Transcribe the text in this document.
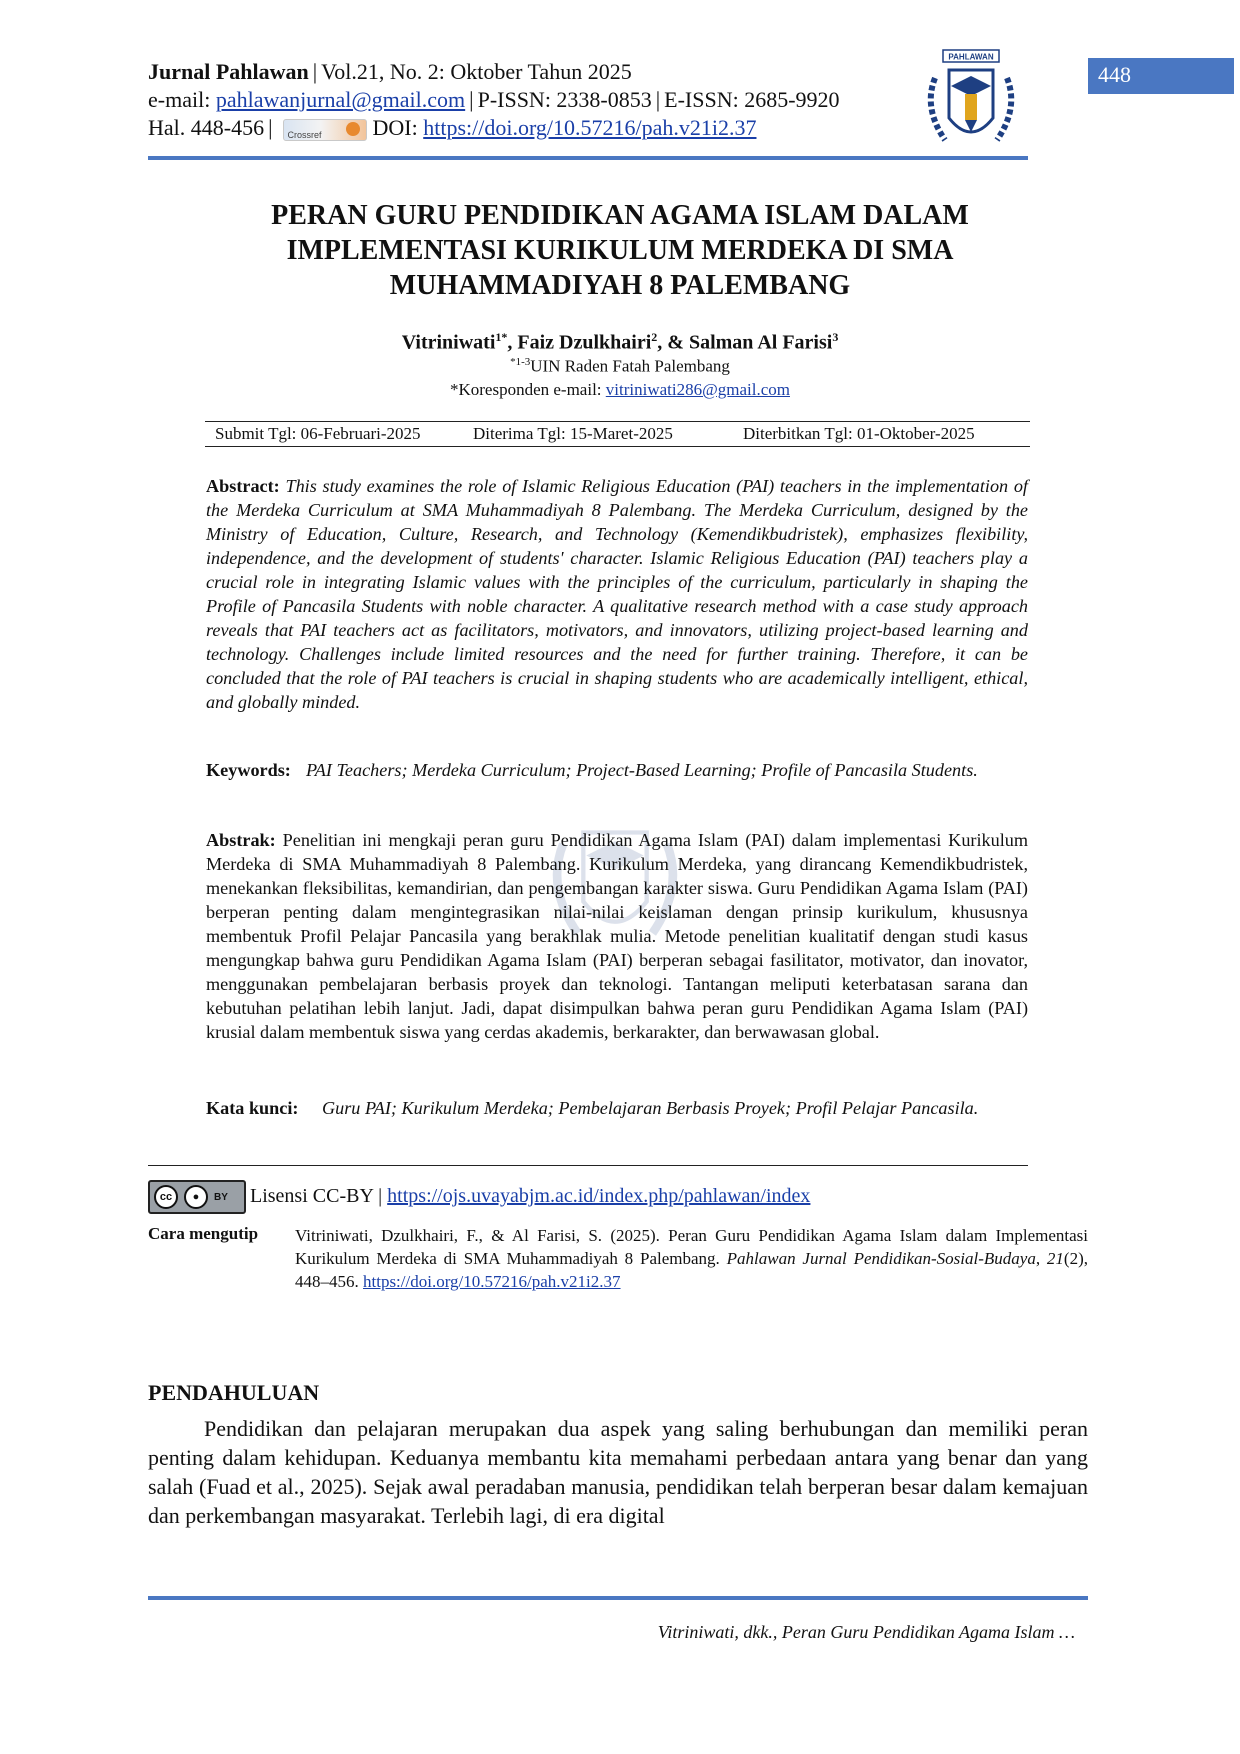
Jurnal Pahlawan | Vol.21, No. 2: Oktober Tahun 2025
e-mail: pahlawanjurnal@gmail.com | P-ISSN: 2338-0853 | E-ISSN: 2685-9920
Hal. 448-456 | Crossref DOI: https://doi.org/10.57216/pah.v21i2.37
PAHLAWAN
448
PERAN GURU PENDIDIKAN AGAMA ISLAM DALAM IMPLEMENTASI KURIKULUM MERDEKA DI SMA MUHAMMADIYAH 8 PALEMBANG
Vitriniwati$^{1*}$, Faiz Dzulkhairi$^2$, & Salman Al Farisi$^3$
$^{*1-3}$UIN Raden Fatah Palembang
*Koresponden e-mail: vitriniwati286@gmail.com
Submit Tgl: 06-Februari-2025	Diterima Tgl: 15-Maret-2025	Diterbitkan Tgl: 01-Oktober-2025
Abstract: This study examines the role of Islamic Religious Education (PAI) teachers in the implementation of the Merdeka Curriculum at SMA Muhammadiyah 8 Palembang. The Merdeka Curriculum, designed by the Ministry of Education, Culture, Research, and Technology (Kemendikbudristek), emphasizes flexibility, independence, and the development of students' character. Islamic Religious Education (PAI) teachers play a crucial role in integrating Islamic values with the principles of the curriculum, particularly in shaping the Profile of Pancasila Students with noble character. A qualitative research method with a case study approach reveals that PAI teachers act as facilitators, motivators, and innovators, utilizing project-based learning and technology. Challenges include limited resources and the need for further training. Therefore, it can be concluded that the role of PAI teachers is crucial in shaping students who are academically intelligent, ethical, and globally minded.
Keywords: PAI Teachers; Merdeka Curriculum; Project-Based Learning; Profile of Pancasila Students.
Abstrak: Penelitian ini mengkaji peran guru Pendidikan Agama Islam (PAI) dalam implementasi Kurikulum Merdeka di SMA Muhammadiyah 8 Palembang. Kurikulum Merdeka, yang dirancang Kemendikbudristek, menekankan fleksibilitas, kemandirian, dan pengembangan karakter siswa. Guru Pendidikan Agama Islam (PAI) berperan penting dalam mengintegrasikan nilai-nilai keislaman dengan prinsip kurikulum, khususnya membentuk Profil Pelajar Pancasila yang berakhlak mulia. Metode penelitian kualitatif dengan studi kasus mengungkap bahwa guru Pendidikan Agama Islam (PAI) berperan sebagai fasilitator, motivator, dan inovator, menggunakan pembelajaran berbasis proyek dan teknologi. Tantangan meliputi keterbatasan sarana dan kebutuhan pelatihan lebih lanjut. Jadi, dapat disimpulkan bahwa peran guru Pendidikan Agama Islam (PAI) krusial dalam membentuk siswa yang cerdas akademis, berkarakter, dan berwawasan global.
Kata kunci:	Guru PAI; Kurikulum Merdeka; Pembelajaran Berbasis Proyek; Profil Pelajar Pancasila.
cc	●	BY Lisensi CC-BY | https://ojs.uvayabjm.ac.id/index.php/pahlawan/index
Cara mengutip Vitriniwati, Dzulkhairi, F., & Al Farisi, S. (2025). Peran Guru Pendidikan Agama Islam dalam Implementasi Kurikulum Merdeka di SMA Muhammadiyah 8 Palembang. Pahlawan Jurnal Pendidikan-Sosial-Budaya, 21(2), 448–456. https://doi.org/10.57216/pah.v21i2.37
PENDAHULUAN
Pendidikan dan pelajaran merupakan dua aspek yang saling berhubungan dan memiliki peran penting dalam kehidupan. Keduanya membantu kita memahami perbedaan antara yang benar dan yang salah (Fuad et al., 2025). Sejak awal peradaban manusia, pendidikan telah berperan besar dalam kemajuan dan perkembangan masyarakat. Terlebih lagi, di era digital
Vitriniwati, dkk., Peran Guru Pendidikan Agama Islam …
